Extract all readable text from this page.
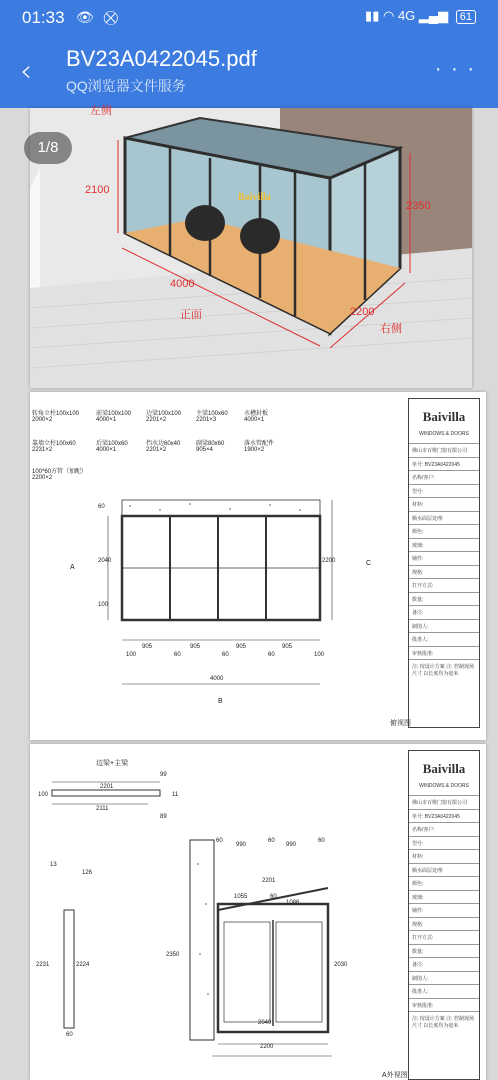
01:33 👁 ⛒	▮▮ ◠ 4G ▂▄▆ 61
‹ BV23A0422045.pdf
QQ浏览器文件服务
· · ·
Baivilla
左侧
2100
2350
4000
正面	2200
右侧
1/8
转角立柱100x100
2000×2
前梁100x100
4000×1
边梁100x100
2201×2
主梁100x60
2201×3
水槽封板
4000×1
靠墙立柱100x60
2231×2
后梁100x60
4000×1
挡水边60x40
2201×2
副梁80x60
905×4
落水管配件
1900×2
100*60方管（加配）
2200×2
60
2040
100
2200
A
C
B
100
905
60
905
60
905
60
905
100
4000
俯视图
Baivilla
WINDOWS & DOORS
佛山市百维门窗有限公司
单号: BV23A0422045
名称/客户:
型号:
材料:
顺水面层处理:
颜色:
玻璃:
辅件:
规格:
打开方式:
数量:
备注:
制图人:
批准人:
审核批准:
注: 按设计方案 注: 控制现场尺寸 以长度均为毫米
边梁+主梁
2201
2111
100
99
11
89
60
990
60
990
60
1055	60
1086
2201
2350
2030
2040
2200
2231	2224
60
13
126
A外视图
Baivilla
WINDOWS & DOORS
佛山市百维门窗有限公司
单号: BV23A0422045
名称/客户:
型号:
材料:
顺水面层处理:
颜色:
玻璃:
辅件:
规格:
打开方式:
数量:
备注:
制图人:
批准人:
审核批准:
注: 按设计方案 注: 控制现场尺寸 以长度均为毫米
